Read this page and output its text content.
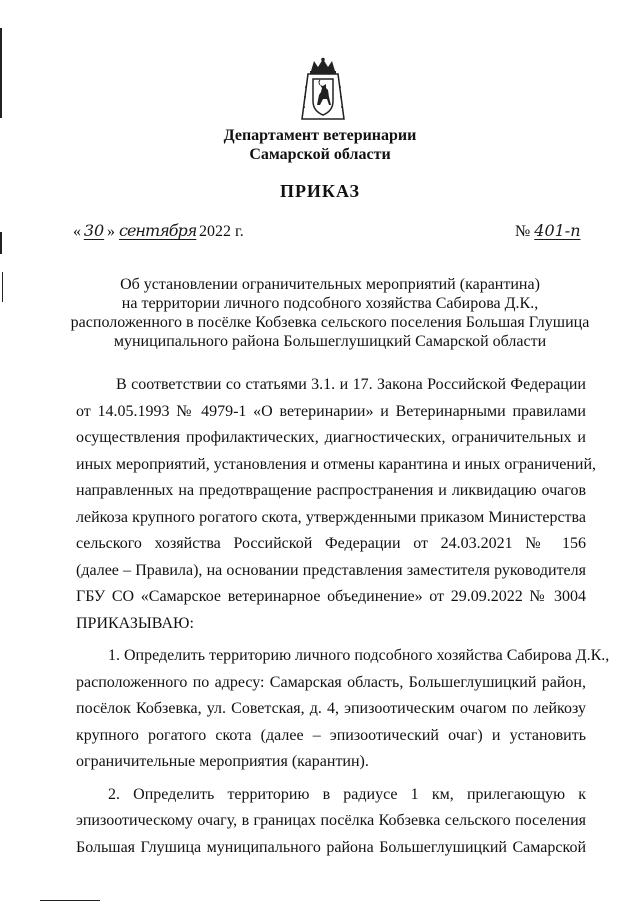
Департамент ветеринарии
Самарской области
ПРИКАЗ
« 30 » сентября 2022 г.	№ 401-п
Об установлении ограничительных мероприятий (карантина)
на территории личного подсобного хозяйства Сабирова Д.К.,
расположенного в посёлке Кобзевка сельского поселения Большая Глушица
муниципального района Большеглушицкий Самарской области
В соответствии со статьями 3.1. и 17. Закона Российской Федерации
от 14.05.1993 № 4979-1 «О ветеринарии» и Ветеринарными правилами
осуществления профилактических, диагностических, ограничительных и
иных мероприятий, установления и отмены карантина и иных ограничений,
направленных на предотвращение распространения и ликвидацию очагов
лейкоза крупного рогатого скота, утвержденными приказом Министерства
сельского хозяйства Российской Федерации от 24.03.2021 № 156
(далее – Правила), на основании представления заместителя руководителя
ГБУ СО «Самарское ветеринарное объединение» от 29.09.2022 № 3004
ПРИКАЗЫВАЮ:
1. Определить территорию личного подсобного хозяйства Сабирова Д.К.,
расположенного по адресу: Самарская область, Большеглушицкий район,
посёлок Кобзевка, ул. Советская, д. 4, эпизоотическим очагом по лейкозу
крупного рогатого скота (далее – эпизоотический очаг) и установить
ограничительные мероприятия (карантин).
2. Определить территорию в радиусе 1 км, прилегающую к
эпизоотическому очагу, в границах посёлка Кобзевка сельского поселения
Большая Глушица муниципального района Большеглушицкий Самарской
